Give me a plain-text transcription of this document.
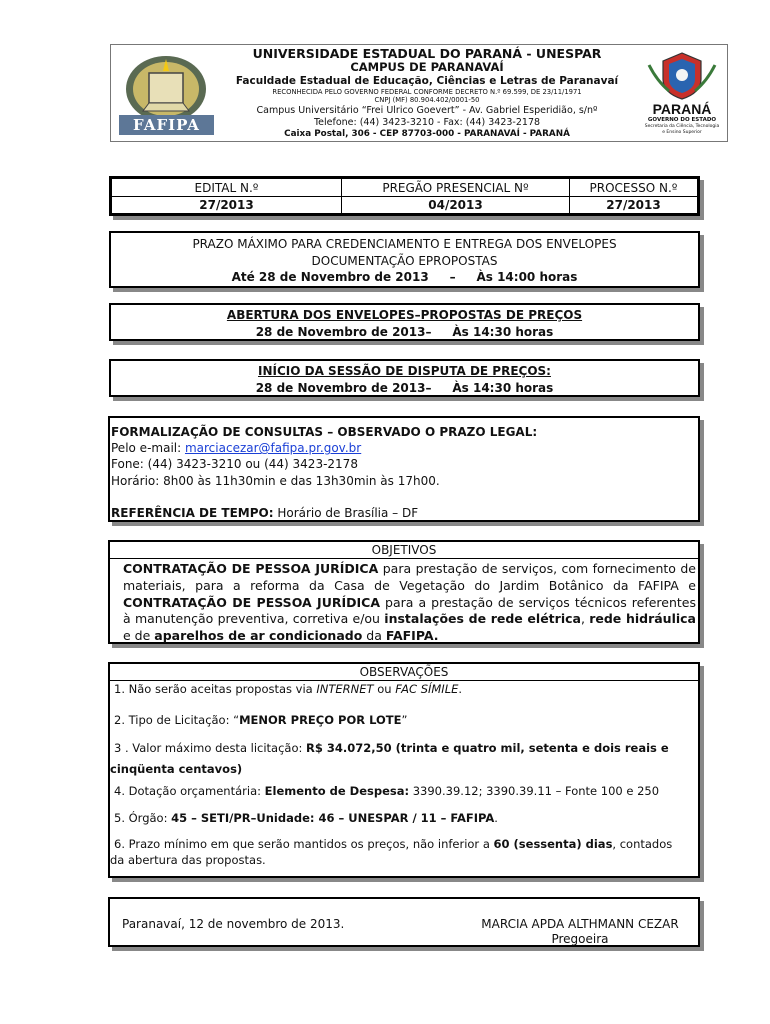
FAFIPA
UNIVERSIDADE ESTADUAL DO PARANÁ - UNESPAR
CAMPUS DE PARANAVAÍ
Faculdade Estadual de Educação, Ciências e Letras de Paranavaí
RECONHECIDA PELO GOVERNO FEDERAL CONFORME DECRETO N.º 69.599, DE 23/11/1971
CNPJ (MF) 80.904.402/0001-50
Campus Universitário “Frei Ulrico Goevert” - Av. Gabriel Esperidião, s/nº
Telefone: (44) 3423-3210 - Fax: (44) 3423-2178
Caixa Postal, 306 - CEP 87703-000 - PARANAVAÍ - PARANÁ
PARANÁ
GOVERNO DO ESTADO
Secretaria da Ciência, Tecnologia
e Ensino Superior
EDITAL N.º	PREGÃO PRESENCIAL Nº	PROCESSO N.º
27/2013	04/2013	27/2013
PRAZO MÁXIMO PARA CREDENCIAMENTO E ENTREGA DOS ENVELOPES
DOCUMENTAÇÃO EPROPOSTAS
Até 28 de Novembro de 2013     –     Às 14:00 horas
ABERTURA DOS ENVELOPES–PROPOSTAS DE PREÇOS
28 de Novembro de 2013–     Às 14:30 horas
INÍCIO DA SESSÃO DE DISPUTA DE PREÇOS:
28 de Novembro de 2013–     Às 14:30 horas
FORMALIZAÇÃO DE CONSULTAS – OBSERVADO O PRAZO LEGAL:
Pelo e-mail: marciacezar@fafipa.pr.gov.br
Fone: (44) 3423-3210 ou (44) 3423-2178
Horário: 8h00 às 11h30min e das 13h30min às 17h00.
REFERÊNCIA DE TEMPO: Horário de Brasília – DF
OBJETIVOS

CONTRATAÇÃO DE PESSOA JURÍDICA para prestação de serviços, com fornecimento de materiais, para a reforma da Casa de Vegetação do Jardim Botânico da FAFIPA e CONTRATAÇÃO DE PESSOA JURÍDICA para a prestação de serviços técnicos referentes à manutenção preventiva, corretiva e/ou instalações de rede elétrica, rede hidráulica e de aparelhos de ar condicionado da FAFIPA.

OBSERVAÇÕES
1. Não serão aceitas propostas via INTERNET ou FAC SÍMILE.
2. Tipo de Licitação: “MENOR PREÇO POR LOTE”
3 . Valor máximo desta licitação: R$ 34.072,50 (trinta e quatro mil, setenta e dois reais e
cinqüenta centavos)
4. Dotação orçamentária: Elemento de Despesa: 3390.39.12; 3390.39.11 – Fonte 100 e 250
5. Órgão: 45 – SETI/PR–Unidade: 46 – UNESPAR / 11 – FAFIPA.
6. Prazo mínimo em que serão mantidos os preços, não inferior a 60 (sessenta) dias, contados
da abertura das propostas.
Paranavaí, 12 de novembro de 2013.	MARCIA APDA ALTHMANN CEZAR
Pregoeira
